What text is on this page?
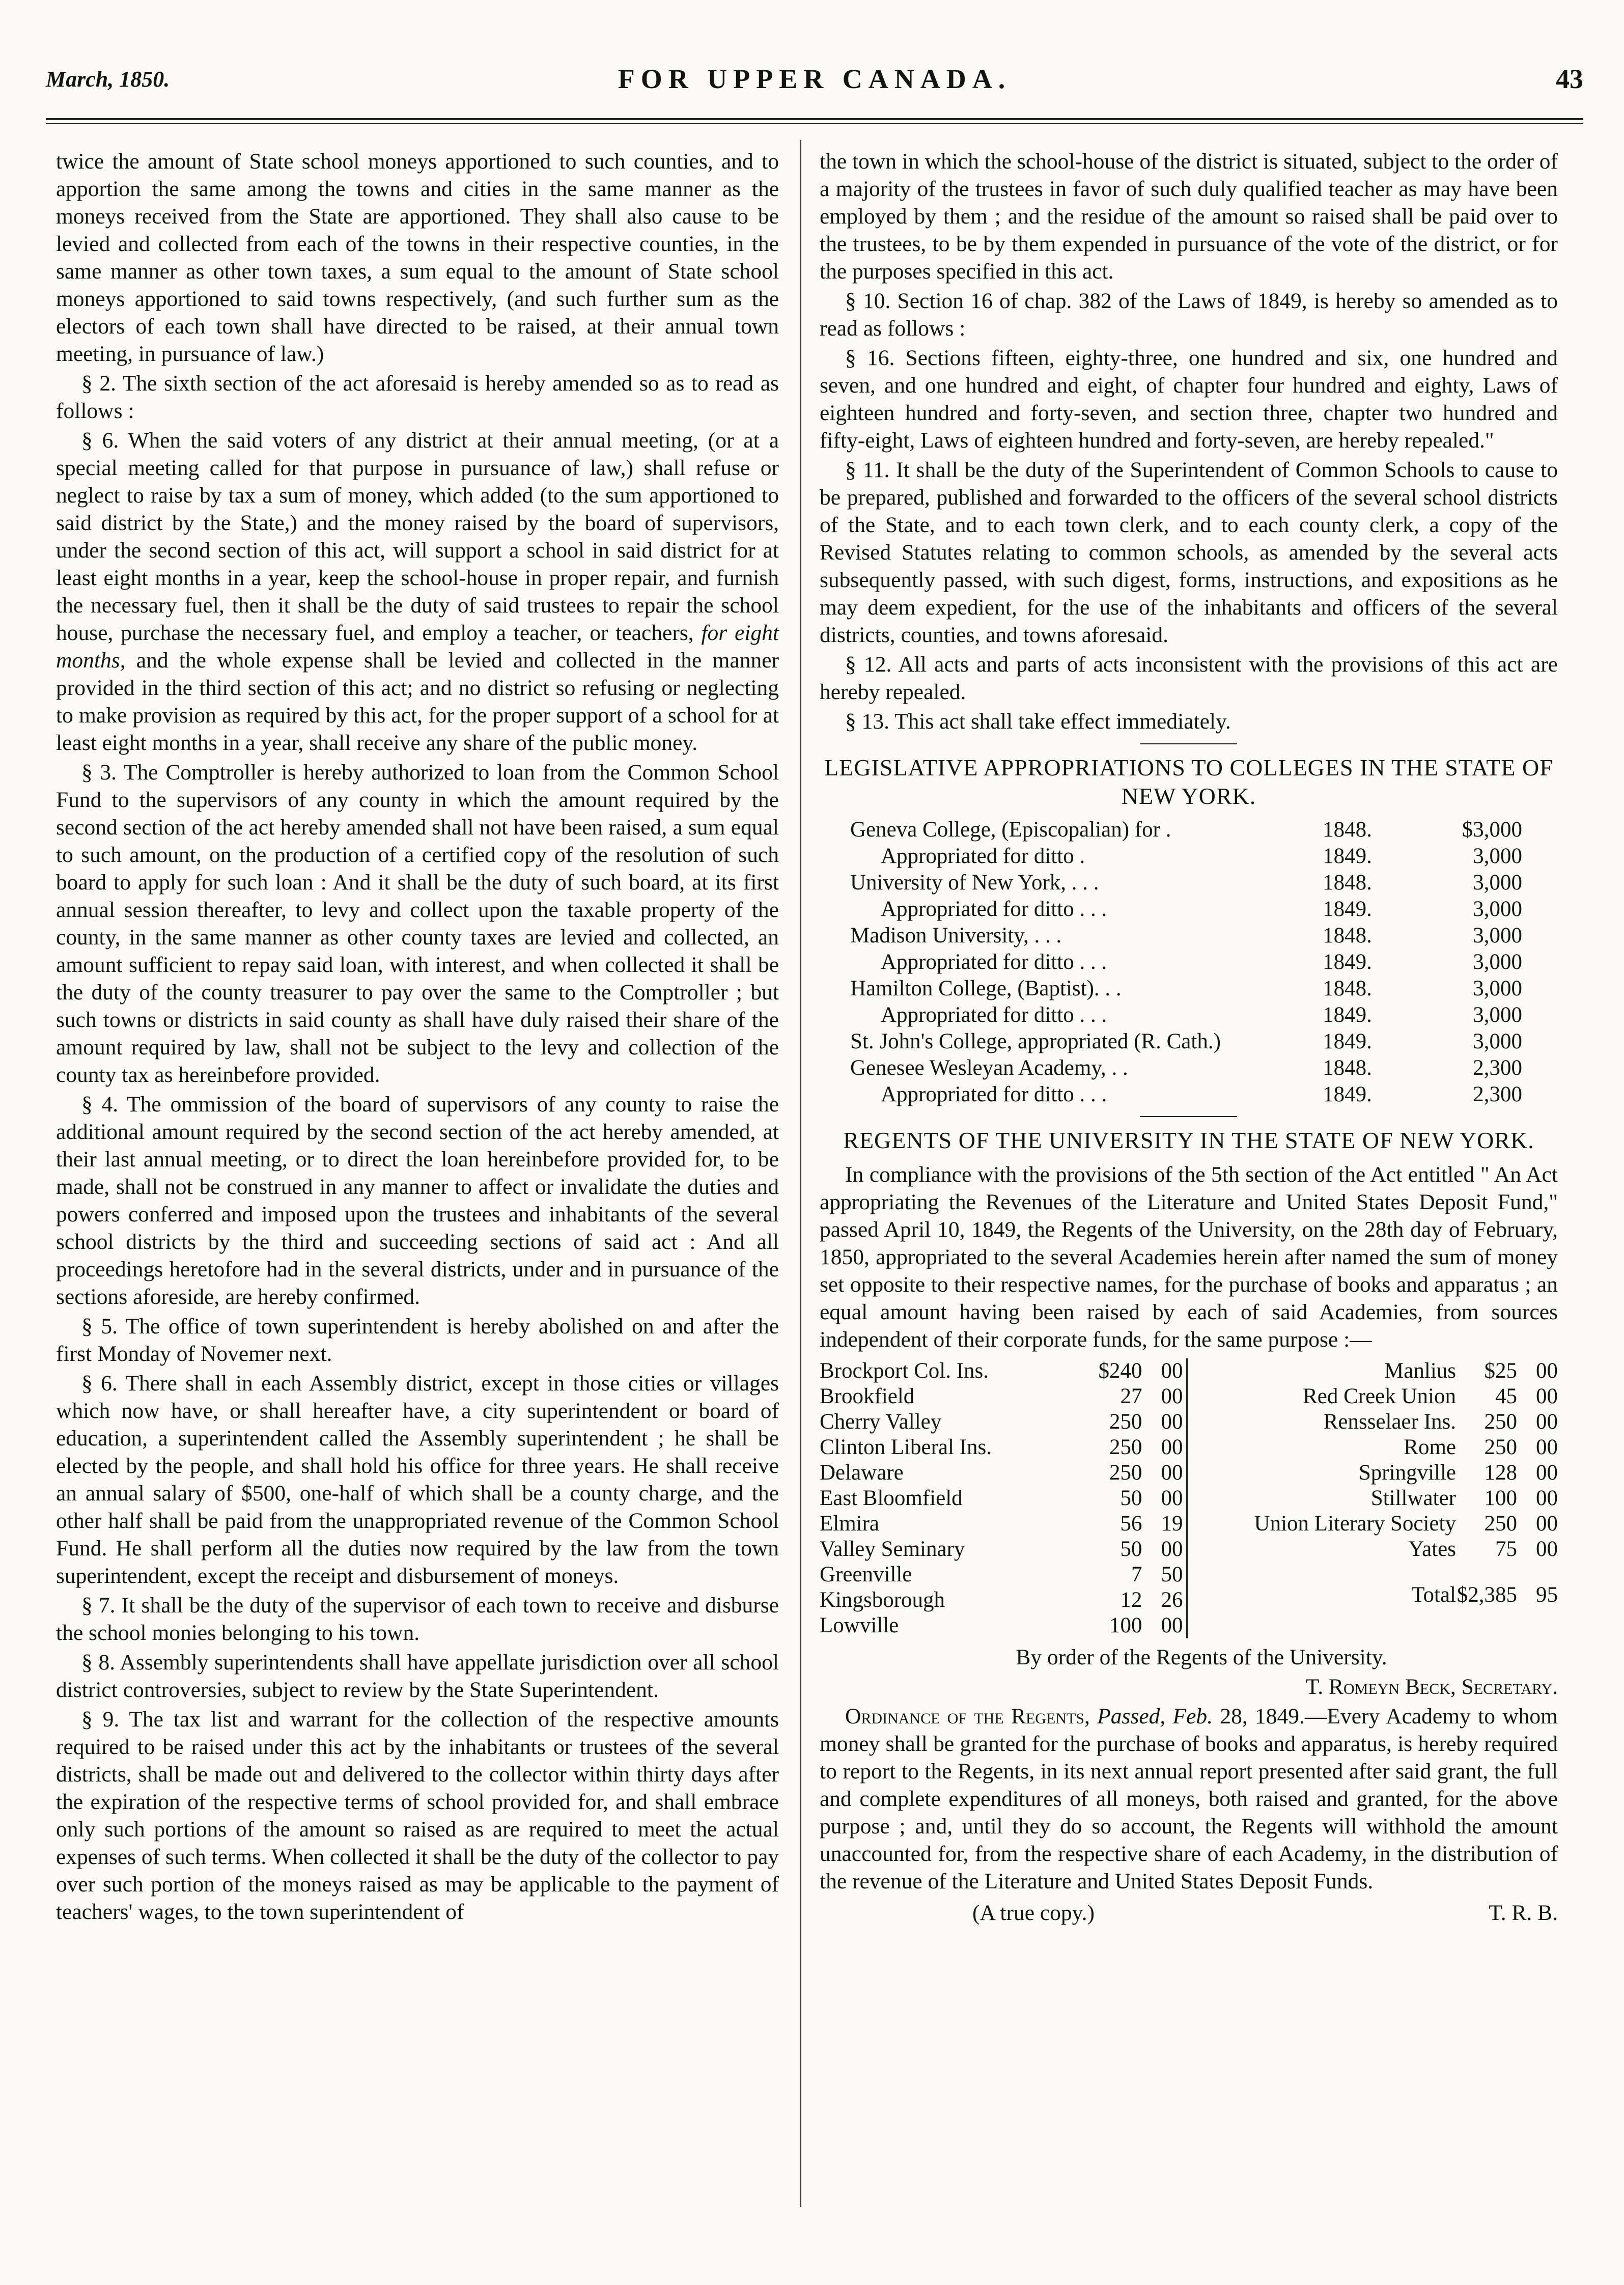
March, 1850.	FOR UPPER CANADA.	43

twice the amount of State school moneys apportioned to such counties, and to apportion the same among the towns and cities in the same manner as the moneys received from the State are apportioned. They shall also cause to be levied and collected from each of the towns in their respective counties, in the same manner as other town taxes, a sum equal to the amount of State school moneys apportioned to said towns respectively, (and such further sum as the electors of each town shall have directed to be raised, at their annual town meeting, in pursuance of law.)

§ 2. The sixth section of the act aforesaid is hereby amended so as to read as follows :

§ 6. When the said voters of any district at their annual meeting, (or at a special meeting called for that purpose in pursuance of law,) shall refuse or neglect to raise by tax a sum of money, which added (to the sum apportioned to said district by the State,) and the money raised by the board of supervisors, under the second section of this act, will support a school in said district for at least eight months in a year, keep the school-house in proper repair, and furnish the necessary fuel, then it shall be the duty of said trustees to repair the school house, purchase the necessary fuel, and employ a teacher, or teachers, for eight months, and the whole expense shall be levied and collected in the manner provided in the third section of this act; and no district so refusing or neglecting to make provision as required by this act, for the proper support of a school for at least eight months in a year, shall receive any share of the public money.

§ 3. The Comptroller is hereby authorized to loan from the Common School Fund to the supervisors of any county in which the amount required by the second section of the act hereby amended shall not have been raised, a sum equal to such amount, on the production of a certified copy of the resolution of such board to apply for such loan : And it shall be the duty of such board, at its first annual session thereafter, to levy and collect upon the taxable property of the county, in the same manner as other county taxes are levied and collected, an amount sufficient to repay said loan, with interest, and when collected it shall be the duty of the county treasurer to pay over the same to the Comptroller ; but such towns or districts in said county as shall have duly raised their share of the amount required by law, shall not be subject to the levy and collection of the county tax as hereinbefore provided.

§ 4. The ommission of the board of supervisors of any county to raise the additional amount required by the second section of the act hereby amended, at their last annual meeting, or to direct the loan hereinbefore provided for, to be made, shall not be construed in any manner to affect or invalidate the duties and powers conferred and imposed upon the trustees and inhabitants of the several school districts by the third and succeeding sections of said act : And all proceedings heretofore had in the several districts, under and in pursuance of the sections aforeside, are hereby confirmed.

§ 5. The office of town superintendent is hereby abolished on and after the first Monday of Novemer next.

§ 6. There shall in each Assembly district, except in those cities or villages which now have, or shall hereafter have, a city superintendent or board of education, a superintendent called the Assembly superintendent ; he shall be elected by the people, and shall hold his office for three years. He shall receive an annual salary of $500, one-half of which shall be a county charge, and the other half shall be paid from the unappropriated revenue of the Common School Fund. He shall perform all the duties now required by the law from the town superintendent, except the receipt and disbursement of moneys.

§ 7. It shall be the duty of the supervisor of each town to receive and disburse the school monies belonging to his town.

§ 8. Assembly superintendents shall have appellate jurisdiction over all school district controversies, subject to review by the State Superintendent.

§ 9. The tax list and warrant for the collection of the respective amounts required to be raised under this act by the inhabitants or trustees of the several districts, shall be made out and delivered to the collector within thirty days after the expiration of the respective terms of school provided for, and shall embrace only such portions of the amount so raised as are required to meet the actual expenses of such terms. When collected it shall be the duty of the collector to pay over such portion of the moneys raised as may be applicable to the payment of teachers' wages, to the town superintendent of

the town in which the school-house of the district is situated, subject to the order of a majority of the trustees in favor of such duly qualified teacher as may have been employed by them ; and the residue of the amount so raised shall be paid over to the trustees, to be by them expended in pursuance of the vote of the district, or for the purposes specified in this act.

§ 10. Section 16 of chap. 382 of the Laws of 1849, is hereby so amended as to read as follows :

§ 16. Sections fifteen, eighty-three, one hundred and six, one hundred and seven, and one hundred and eight, of chapter four hundred and eighty, Laws of eighteen hundred and forty-seven, and section three, chapter two hundred and fifty-eight, Laws of eighteen hundred and forty-seven, are hereby repealed."

§ 11. It shall be the duty of the Superintendent of Common Schools to cause to be prepared, published and forwarded to the officers of the several school districts of the State, and to each town clerk, and to each county clerk, a copy of the Revised Statutes relating to common schools, as amended by the several acts subsequently passed, with such digest, forms, instructions, and expositions as he may deem expedient, for the use of the inhabitants and officers of the several districts, counties, and towns aforesaid.

§ 12. All acts and parts of acts inconsistent with the provisions of this act are hereby repealed.

§ 13. This act shall take effect immediately.

LEGISLATIVE APPROPRIATIONS TO COLLEGES IN THE STATE OF NEW YORK.
Geneva College, (Episcopalian) for .	1848.	$3,000
Appropriated for ditto .	1849.	3,000
University of New York, . . .	1848.	3,000
Appropriated for ditto . . .	1849.	3,000
Madison University, . . .	1848.	3,000
Appropriated for ditto . . .	1849.	3,000
Hamilton College, (Baptist). . .	1848.	3,000
Appropriated for ditto . . .	1849.	3,000
St. John's College, appropriated (R. Cath.)	1849.	3,000
Genesee Wesleyan Academy, . .	1848.	2,300
Appropriated for ditto . . .	1849.	2,300
REGENTS OF THE UNIVERSITY IN THE STATE OF NEW YORK.

In compliance with the provisions of the 5th section of the Act entitled " An Act appropriating the Revenues of the Literature and United States Deposit Fund," passed April 10, 1849, the Regents of the University, on the 28th day of February, 1850, appropriated to the several Academies herein after named the sum of money set opposite to their respective names, for the purchase of books and apparatus ; an equal amount having been raised by each of said Academies, from sources independent of their corporate funds, for the same purpose :—

Brockport Col. Ins.	$240	00
Brookfield	27	00
Cherry Valley	250	00
Clinton Liberal Ins.	250	00
Delaware	250	00
East Bloomfield	50	00
Elmira	56	19
Valley Seminary	50	00
Greenville	7	50
Kingsborough	12	26
Lowville	100	00
Manlius	$25	00
Red Creek Union	45	00
Rensselaer Ins.	250	00
Rome	250	00
Springville	128	00
Stillwater	100	00
Union Literary Society	250	00
Yates	75	00
Total	$2,385	95

By order of the Regents of the University.

T. Romeyn Beck, Secretary.

Ordinance of the Regents, Passed, Feb. 28, 1849.—Every Academy to whom money shall be granted for the purchase of books and apparatus, is hereby required to report to the Regents, in its next annual report presented after said grant, the full and complete expenditures of all moneys, both raised and granted, for the above purpose ; and, until they do so account, the Regents will withhold the amount unaccounted for, from the respective share of each Academy, in the distribution of the revenue of the Literature and United States Deposit Funds.

(A true copy.)	T. R. B.
